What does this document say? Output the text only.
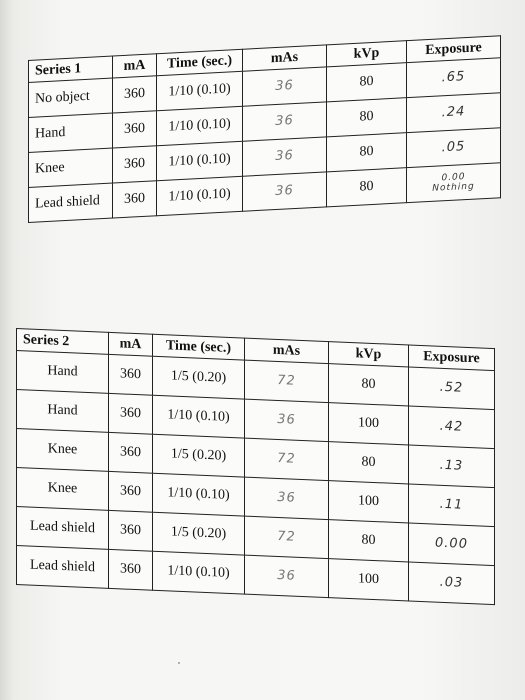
Series 1	mA	Time (sec.)	mAs	kVp	Exposure
No object	360	1/10 (0.10)	36	80	.65
Hand	360	1/10 (0.10)	36	80	.24
Knee	360	1/10 (0.10)	36	80	.05
Lead shield	360	1/10 (0.10)	36	80	0.00
Nothing
Series 2	mA	Time (sec.)	mAs	kVp	Exposure
Hand	360	1/5 (0.20)	72	80	.52
Hand	360	1/10 (0.10)	36	100	.42
Knee	360	1/5 (0.20)	72	80	.13
Knee	360	1/10 (0.10)	36	100	.11
Lead shield	360	1/5 (0.20)	72	80	0.00
Lead shield	360	1/10 (0.10)	36	100	.03
